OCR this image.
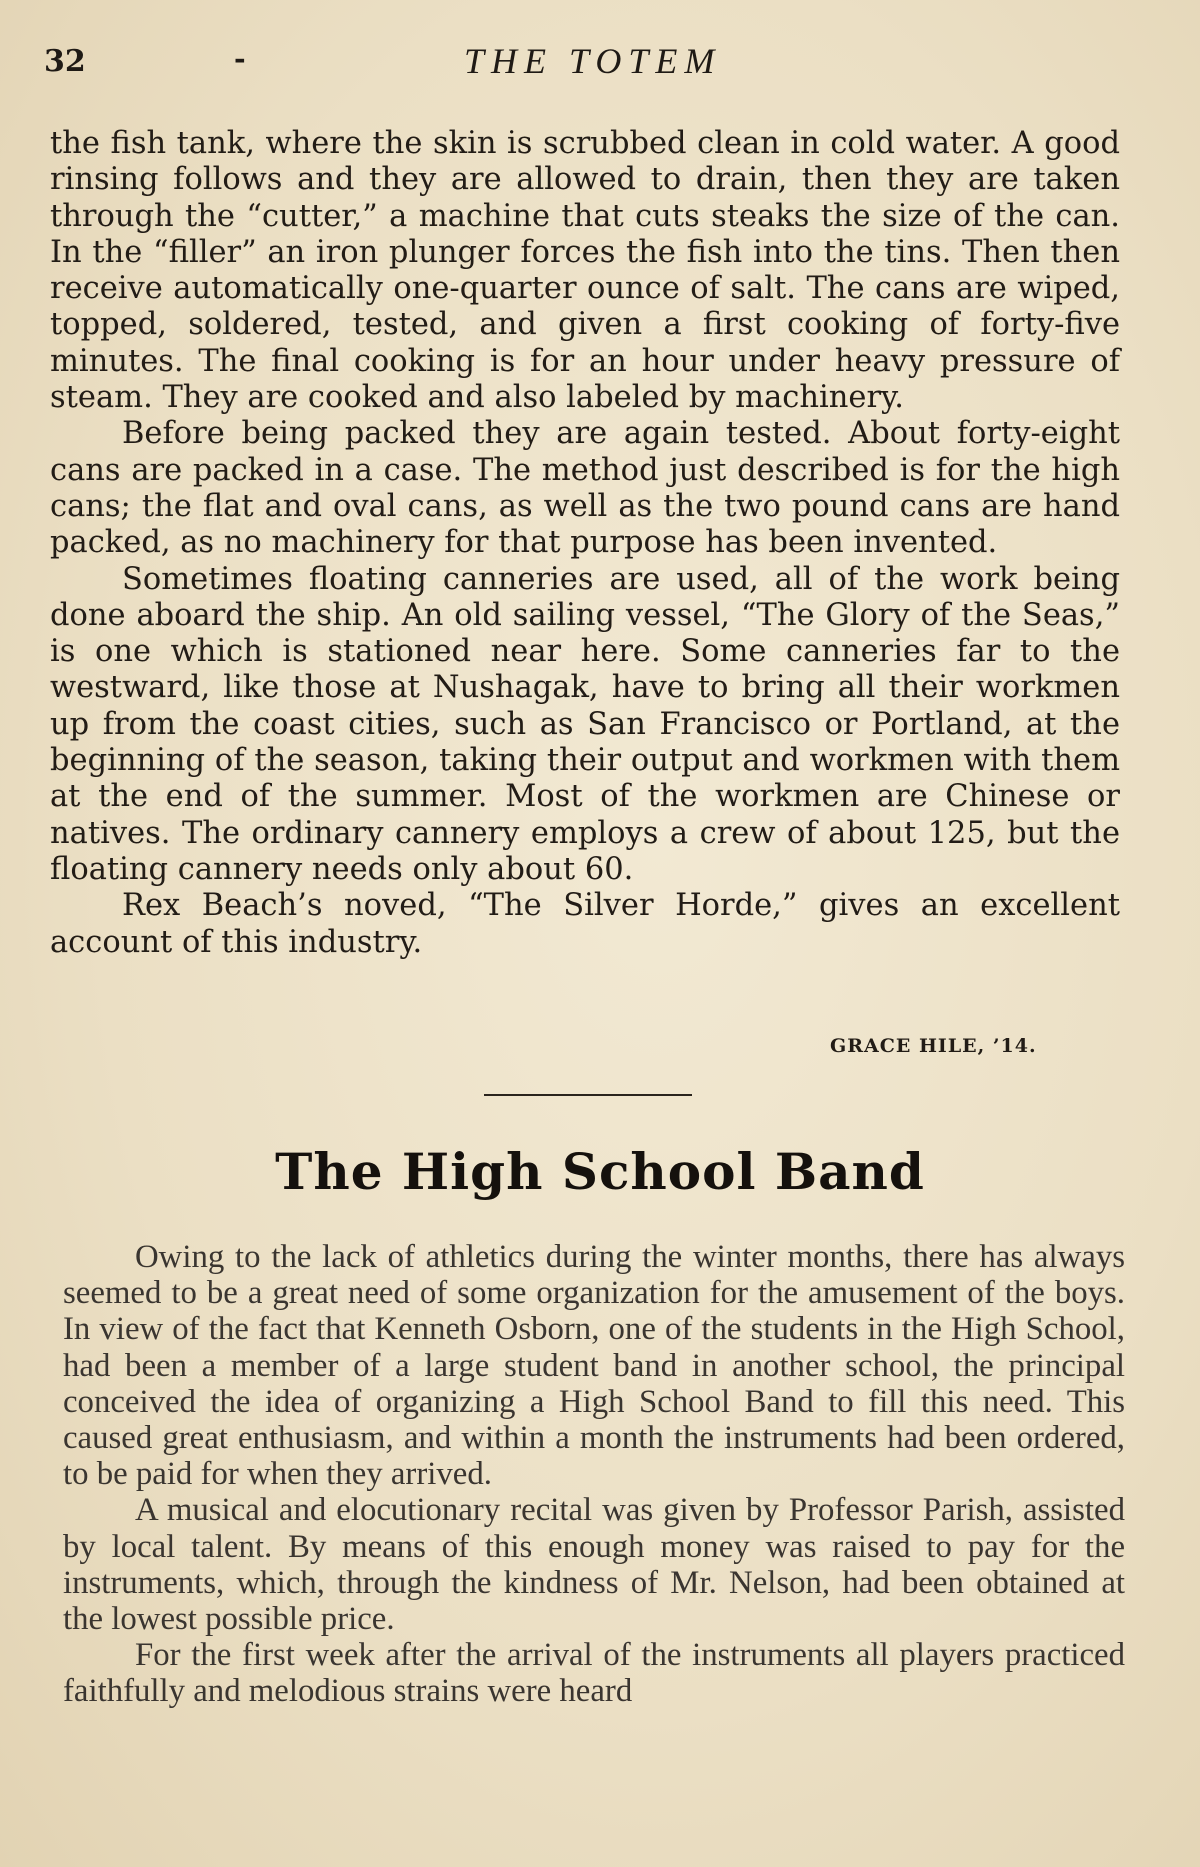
32	-	THE TOTEM

the fish tank, where the skin is scrubbed clean in cold water. A good rinsing follows and they are allowed to drain, then they are taken through the “cutter,” a machine that cuts steaks the size of the can. In the “filler” an iron plunger forces the fish into the tins. Then then receive automatically one-quarter ounce of salt. The cans are wiped, topped, soldered, tested, and given a first cooking of forty-five minutes. The final cooking is for an hour under heavy pressure of steam. They are cooked and also labeled by machinery.

Before being packed they are again tested. About forty-eight cans are packed in a case. The method just described is for the high cans; the flat and oval cans, as well as the two pound cans are hand packed, as no machinery for that purpose has been invented.

Sometimes floating canneries are used, all of the work being done aboard the ship. An old sailing vessel, “The Glory of the Seas,” is one which is stationed near here. Some canneries far to the westward, like those at Nushagak, have to bring all their workmen up from the coast cities, such as San Francisco or Portland, at the beginning of the season, taking their output and workmen with them at the end of the summer. Most of the workmen are Chinese or natives. The ordinary cannery employs a crew of about 125, but the floating cannery needs only about 60.

Rex Beach’s noved, “The Silver Horde,” gives an excellent account of this industry.

GRACE HILE, ’14.
The High School Band

Owing to the lack of athletics during the winter months, there has always seemed to be a great need of some organization for the amusement of the boys. In view of the fact that Kenneth Osborn, one of the students in the High School, had been a member of a large student band in another school, the principal conceived the idea of organizing a High School Band to fill this need. This caused great enthusiasm, and within a month the instruments had been ordered, to be paid for when they arrived.

A musical and elocutionary recital was given by Professor Parish, assisted by local talent. By means of this enough money was raised to pay for the instruments, which, through the kindness of Mr. Nelson, had been obtained at the lowest possible price.

For the first week after the arrival of the instruments all players practiced faithfully and melodious strains were heard
